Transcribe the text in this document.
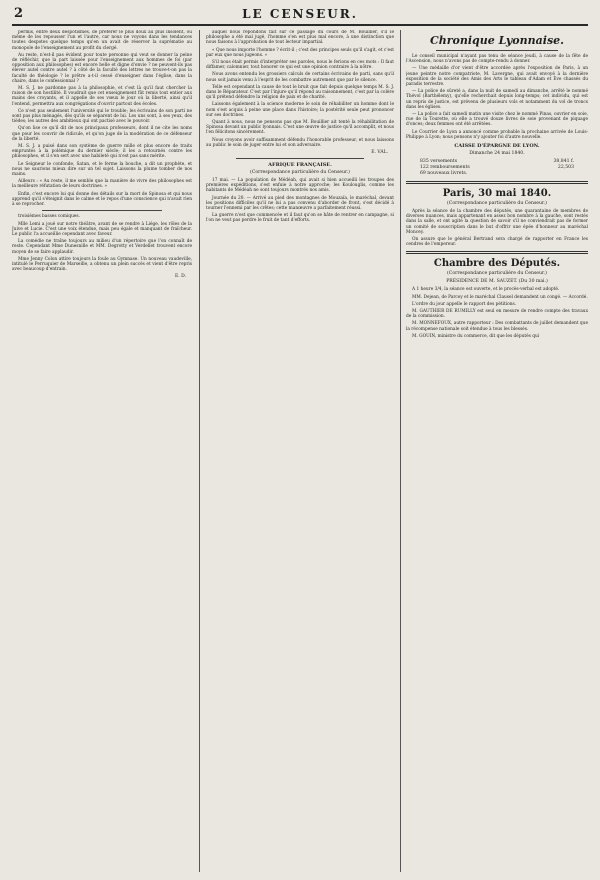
2	LE CENSEUR.

permis, entre deux despotismes, de préférer le plus doux au plus insolent, ou même de les repousser l'un et l'autre, car nous ne voyons dans les tendances toutes despotes quelque temps qu'en un avait de réserver la suprématie au monopole de l'enseignement au profit du clergé.

Au reste, n'est-il pas évident pour toute personne qui veut se donner la peine de réfléchir, que la part laissée pour l'enseignement aux hommes de foi (par opposition aux philosophes) est encore belle et digne d'envie ? ne peuvent-ils pas élever autel contre autel ? à côté de la faculté des lettres ne trouve-t-on pas la faculté de théologie ? le prêtre a-t-il cessé d'enseigner dans l'église, dans la chaire, dans le confessionnal ?

M. S. J. ne pardonne pas à la philosophie, et c'est là qu'il faut chercher la raison de son hostilité. Il voudrait que cet enseignement fût remis tout entier aux mains des croyants, et il appelle de ses vœux le jour où la liberté, ainsi qu'il l'entend, permettra aux congrégations d'ouvrir partout des écoles.

Ce n'est pas seulement l'université qui le trouble; les écrivains de son parti ne sont pas plus ménagés, dès qu'ils se séparent de lui. Les uns sont, à ses yeux, des tièdes; les autres des ambitieux qui ont pactisé avec le pouvoir.

Qu'on lise ce qu'il dit de nos principaux professeurs, dont il ne cite les noms que pour les couvrir de ridicule, et qu'on juge de la modération de ce défenseur de la liberté.

M. S. J. a puisé dans son système de guerre mille et plus encore de traits empruntés à la polémique du dernier siècle; il les a retournés contre les philosophes, et il s'en sert avec une habileté qui n'est pas sans mérite.

Le Seigneur le confonde, Satan, et le ferme la bouche, a dit un prophète, et nous ne saurions mieux dire sur un tel sujet. Laissons la plume tomber de nos mains.

Ailleurs : « Au reste, il me semble que la manière de vivre des philosophes est la meilleure réfutation de leurs doctrines. »

Enfin, c'est encore lui qui donne des détails sur la mort de Spinosa et qui nous apprend qu'il s'éteignit dans le calme et le repos d'une conscience qui n'avait rien à se reprocher.

troisièmes basses comiques.

Mlle Lemi a joué sur notre théâtre, avant de se rendre à Liége, les rôles de la Juive et Lucie. C'est une voix étendue, mais peu égale et manquant de fraîcheur. Le public l'a accueillie cependant avec faveur.

La comédie ne traîne toujours au milieu d'un répertoire que l'on connaît de reste. Cependant Mme Dunesnille et MM. Degrotty et Verdellet trouvent encore moyen de se faire applaudir.

Mme Jenny Colon attire toujours la foule au Gymnase. Un nouveau vaudeville, intitulé le Perruquier de Marseille, a obtenu un plein succès et vient d'être repris avec beaucoup d'entrain.

E. D.

auquel nous répondons fait sur ce passage du cours de M. Bouillier, s'il le philosophe a été mal jugé, l'homme s'en est plus mal encore, à une distinction que nous faisons à l'approbation de tout lecteur impartial.

« Que nous importe l'homme ? écrit-il ; c'est des principes seuls qu'il s'agit, et c'est par eux que nous jugeons. »

S'il nous était permis d'interpréter ses paroles, nous le ferions en ces mots : Il faut diffamer, calomnier, tout honorer ce qui est une opinion contraire à la nôtre.

Nous avons entendu les grossiers calculs de certains écrivains de parti, sans qu'il nous soit jamais venu à l'esprit de les combattre autrement que par le silence.

Telle est cependant la cause de tout le bruit que fait depuis quelque temps M. S. J. dans le Réparateur. C'est par l'injure qu'il répond au raisonnement, c'est par la colère qu'il prétend défendre la religion de paix et de charité.

Laissons également à la science moderne le soin de réhabiliter un homme dont le nom s'est acquis à peine une place dans l'histoire; la postérité seule peut prononcer sur ses doctrines.

Quant à nous, nous ne pensons pas que M. Bouillier ait tenté la réhabilitation de Spinosa devant un public lyonnais. C'est une œuvre de justice qu'il accomplit, et nous l'en félicitons sincèrement.

Nous croyons avoir suffisamment défendu l'honorable professeur, et nous laissons au public le soin de juger entre lui et son adversaire.

E. VAL.
AFRIQUE FRANÇAISE.
(Correspondance particulière du Censeur.)

17 mai. — La population de Médéah, qui avait si bien accueilli les troupes des premières expéditions, s'est enfuie à notre approche; les Koulouglis, comme les habitants de Médéah ne sont toujours montrés nos amis.

Journée du 20. — Arrivé au pied des montagnes de Mouzaïa, le maréchal, devant les positions difficiles qu'il ne lui a pas convenu d'aborder de front, s'est décidé à tourner l'ennemi par les crêtes; cette manœuvre a parfaitement réussi.

La guerre n'est que commencée et il faut qu'on se hâte de rentrer en campagne, si l'on ne veut pas perdre le fruit de tant d'efforts.

Chronique Lyonnaise.

Le conseil municipal n'ayant pas tenu de séance jeudi, à cause de la fête de l'Ascension, nous n'avons pas de compte-rendu à donner.

— Une médaille d'or vient d'être accordée après l'exposition de Paris, à un jeune peintre notre compatriote, M. Lavergne, qui avait envoyé à la dernière exposition de la société des Amis des Arts le tableau d'Adam et Ève chassés du paradis terrestre.

— La police de sûreté a, dans la nuit de samedi au dimanche, arrêté le nommé Thévol (Barthélemy), qu'elle recherchait depuis long-temps; cet individu, qui est un repris de justice, est prévenu de plusieurs vols et notamment du vol de troncs dans les églises.

— La police a fait samedi matin une visite chez le nommé Pinas, ouvrier en soie, rue de la Tourette, où elle a trouvé douze livres de soie provenant de piquage d'onces; deux femmes ont été arrêtées.

Le Courrier de Lyon a annoncé comme probable la prochaine arrivée de Louis-Philippe à Lyon; nous pensons n'y ajouter foi d'autre nouvelle.

CAISSE D'ÉPARGNE DE LYON.
Dimanche 24 mai 1840.
835 versements	38,841 f.
122 remboursements	22,503
69 nouveaux livrets.
Paris, 30 mai 1840.
(Correspondance particulière du Censeur.)

Après la séance de la chambre des députés, une quarantaine de membres de diverses nuances, mais appartenant en assez bon nombre à la gauche, sont restés dans la salle, et ont agité la question de savoir s'il ne conviendrait pas de former un comité de souscription dans le but d'offrir une épée d'honneur au maréchal Moncey.

On assure que le général Bertrand sera chargé de rapporter en France les cendres de l'empereur.

Chambre des Députés.
(Correspondance particulière du Censeur.)
PRÉSIDENCE DE M. SAUZET. (Du 30 mai.)

A 1 heure 3/4, la séance est ouverte, et le procès-verbal est adopté.

MM. Dejean, de Parcey et le maréchal Clausel demandent un congé. — Accordé.

L'ordre du jour appelle le rapport des pétitions.

M. GAUTHIER DE RUMILLY est seul en mesure de rendre compte des travaux de la commission.

M. MONNEFOUX, autre rapporteur : Des combattants de juillet demandent que la récompense nationale soit étendue à tous les blessés.

M. GOUIN, ministre du commerce, dit que les députés qui
